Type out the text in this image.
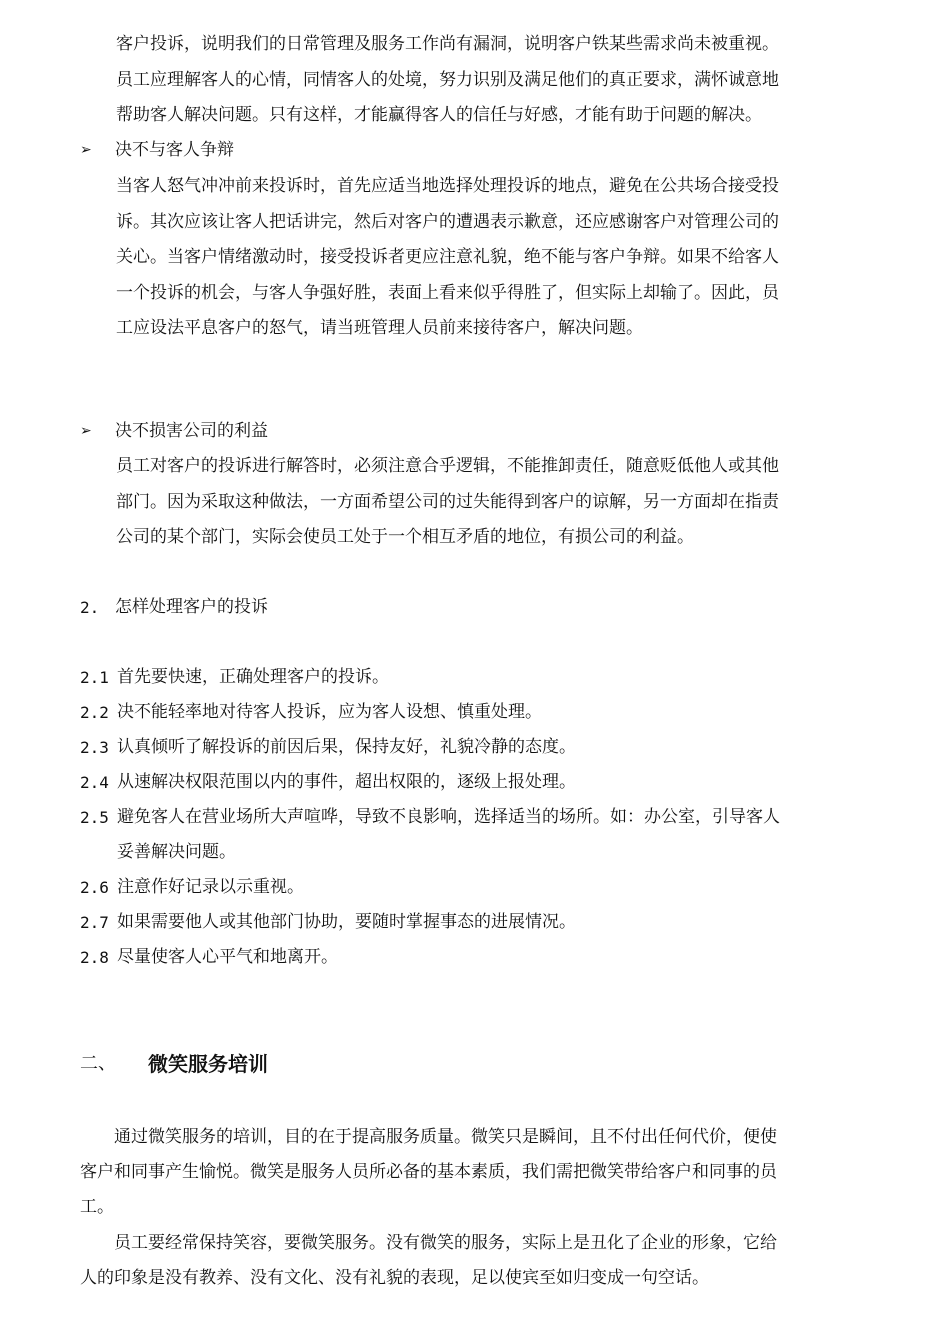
客户投诉，说明我们的日常管理及服务工作尚有漏洞，说明客户铁某些需求尚未被重视。
员工应理解客人的心情，同情客人的处境，努力识别及满足他们的真正要求，满怀诚意地
帮助客人解决问题。只有这样，才能赢得客人的信任与好感，才能有助于问题的解决。
➢ 决不与客人争辩
当客人怒气冲冲前来投诉时，首先应适当地选择处理投诉的地点，避免在公共场合接受投
诉。其次应该让客人把话讲完，然后对客户的遭遇表示歉意，还应感谢客户对管理公司的
关心。当客户情绪激动时，接受投诉者更应注意礼貌，绝不能与客户争辩。如果不给客人
一个投诉的机会，与客人争强好胜，表面上看来似乎得胜了，但实际上却输了。因此，员
工应设法平息客户的怒气，请当班管理人员前来接待客户，解决问题。
➢ 决不损害公司的利益
员工对客户的投诉进行解答时，必须注意合乎逻辑，不能推卸责任，随意贬低他人或其他
部门。因为采取这种做法，一方面希望公司的过失能得到客户的谅解，另一方面却在指责
公司的某个部门，实际会使员工处于一个相互矛盾的地位，有损公司的利益。
2. 怎样处理客户的投诉
2.1 首先要快速，正确处理客户的投诉。
2.2 决不能轻率地对待客人投诉，应为客人设想、慎重处理。
2.3 认真倾听了解投诉的前因后果，保持友好，礼貌冷静的态度。
2.4 从速解决权限范围以内的事件，超出权限的，逐级上报处理。
2.5 避免客人在营业场所大声喧哗，导致不良影响，选择适当的场所。如：办公室，引导客人
妥善解决问题。
2.6 注意作好记录以示重视。
2.7 如果需要他人或其他部门协助，要随时掌握事态的进展情况。
2.8 尽量使客人心平气和地离开。
二、 微笑服务培训
　　通过微笑服务的培训，目的在于提高服务质量。微笑只是瞬间，且不付出任何代价，便使
客户和同事产生愉悦。微笑是服务人员所必备的基本素质，我们需把微笑带给客户和同事的员
工。
　　员工要经常保持笑容，要微笑服务。没有微笑的服务，实际上是丑化了企业的形象，它给
人的印象是没有教养、没有文化、没有礼貌的表现，足以使宾至如归变成一句空话。
